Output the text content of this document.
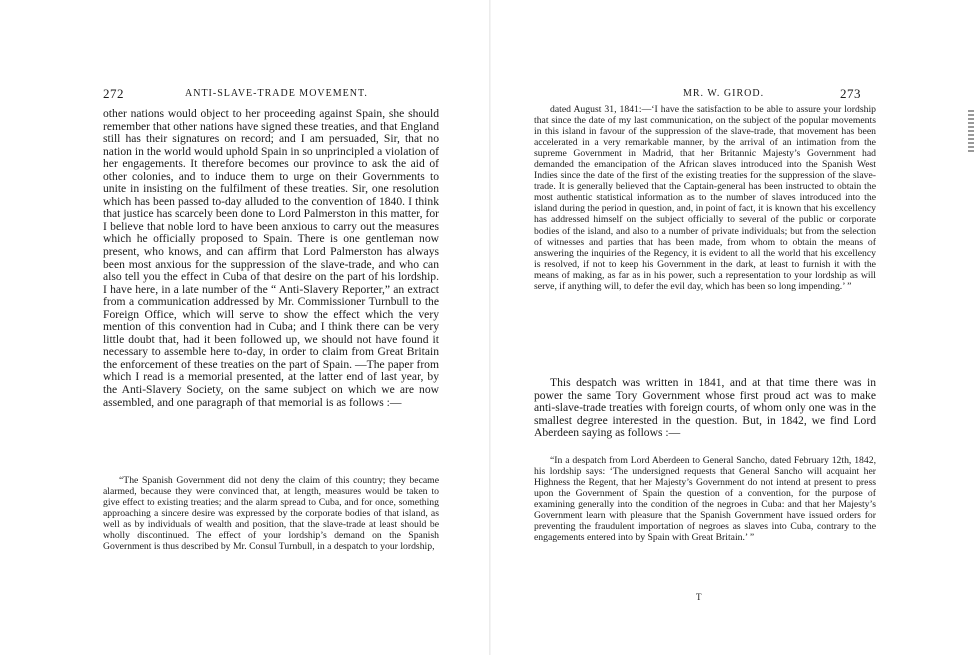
272	ANTI-SLAVE-TRADE MOVEMENT.

other nations would object to her proceeding against Spain, she should remember that other nations have signed these treaties, and that England still has their signatures on record; and I am persuaded, Sir, that no nation in the world would uphold Spain in so unprincipled a violation of her engagements. It therefore becomes our province to ask the aid of other colonies, and to induce them to urge on their Governments to unite in insisting on the fulfilment of these treaties. Sir, one resolution which has been passed to-day alluded to the convention of 1840. I think that justice has scarcely been done to Lord Palmerston in this matter, for I believe that noble lord to have been anxious to carry out the measures which he officially proposed to Spain. There is one gentleman now present, who knows, and can affirm that Lord Palmerston has always been most anxious for the suppression of the slave-trade, and who can also tell you the effect in Cuba of that desire on the part of his lordship. I have here, in a late number of the “ Anti-Slavery Reporter,” an extract from a communication addressed by Mr. Commissioner Turnbull to the Foreign Office, which will serve to show the effect which the very mention of this convention had in Cuba; and I think there can be very little doubt that, had it been followed up, we should not have found it necessary to assemble here to-day, in order to claim from Great Britain the enforcement of these treaties on the part of Spain. —The paper from which I read is a memorial presented, at the latter end of last year, by the Anti-Slavery Society, on the same subject on which we are now assembled, and one paragraph of that memorial is as follows :—

“The Spanish Government did not deny the claim of this country; they became alarmed, because they were convinced that, at length, measures would be taken to give effect to existing treaties; and the alarm spread to Cuba, and for once, something approaching a sincere desire was expressed by the corporate bodies of that island, as well as by individuals of wealth and position, that the slave-trade at least should be wholly discontinued. The effect of your lordship’s demand on the Spanish Government is thus described by Mr. Consul Turnbull, in a despatch to your lordship,

MR. W. GIROD.	273

dated August 31, 1841:—‘I have the satisfaction to be able to assure your lordship that since the date of my last communication, on the subject of the popular movements in this island in favour of the suppression of the slave-trade, that movement has been accelerated in a very remarkable manner, by the arrival of an intimation from the supreme Government in Madrid, that her Britannic Majesty’s Government had demanded the emancipation of the African slaves introduced into the Spanish West Indies since the date of the first of the existing treaties for the suppression of the slave-trade. It is generally believed that the Captain-general has been instructed to obtain the most authentic statistical information as to the number of slaves introduced into the island during the period in question, and, in point of fact, it is known that his excellency has addressed himself on the subject officially to several of the public or corporate bodies of the island, and also to a number of private individuals; but from the selection of witnesses and parties that has been made, from whom to obtain the means of answering the inquiries of the Regency, it is evident to all the world that his excellency is resolved, if not to keep his Government in the dark, at least to furnish it with the means of making, as far as in his power, such a representation to your lordship as will serve, if anything will, to defer the evil day, which has been so long impending.’ ”

This despatch was written in 1841, and at that time there was in power the same Tory Government whose first proud act was to make anti-slave-trade treaties with foreign courts, of whom only one was in the smallest degree interested in the question. But, in 1842, we find Lord Aberdeen saying as follows :—

“In a despatch from Lord Aberdeen to General Sancho, dated February 12th, 1842, his lordship says: ‘The undersigned requests that General Sancho will acquaint her Highness the Regent, that her Majesty’s Government do not intend at present to press upon the Government of Spain the question of a convention, for the purpose of examining generally into the condition of the negroes in Cuba: and that her Majesty’s Government learn with pleasure that the Spanish Government have issued orders for preventing the fraudulent importation of negroes as slaves into Cuba, contrary to the engagements entered into by Spain with Great Britain.’ ”

T
